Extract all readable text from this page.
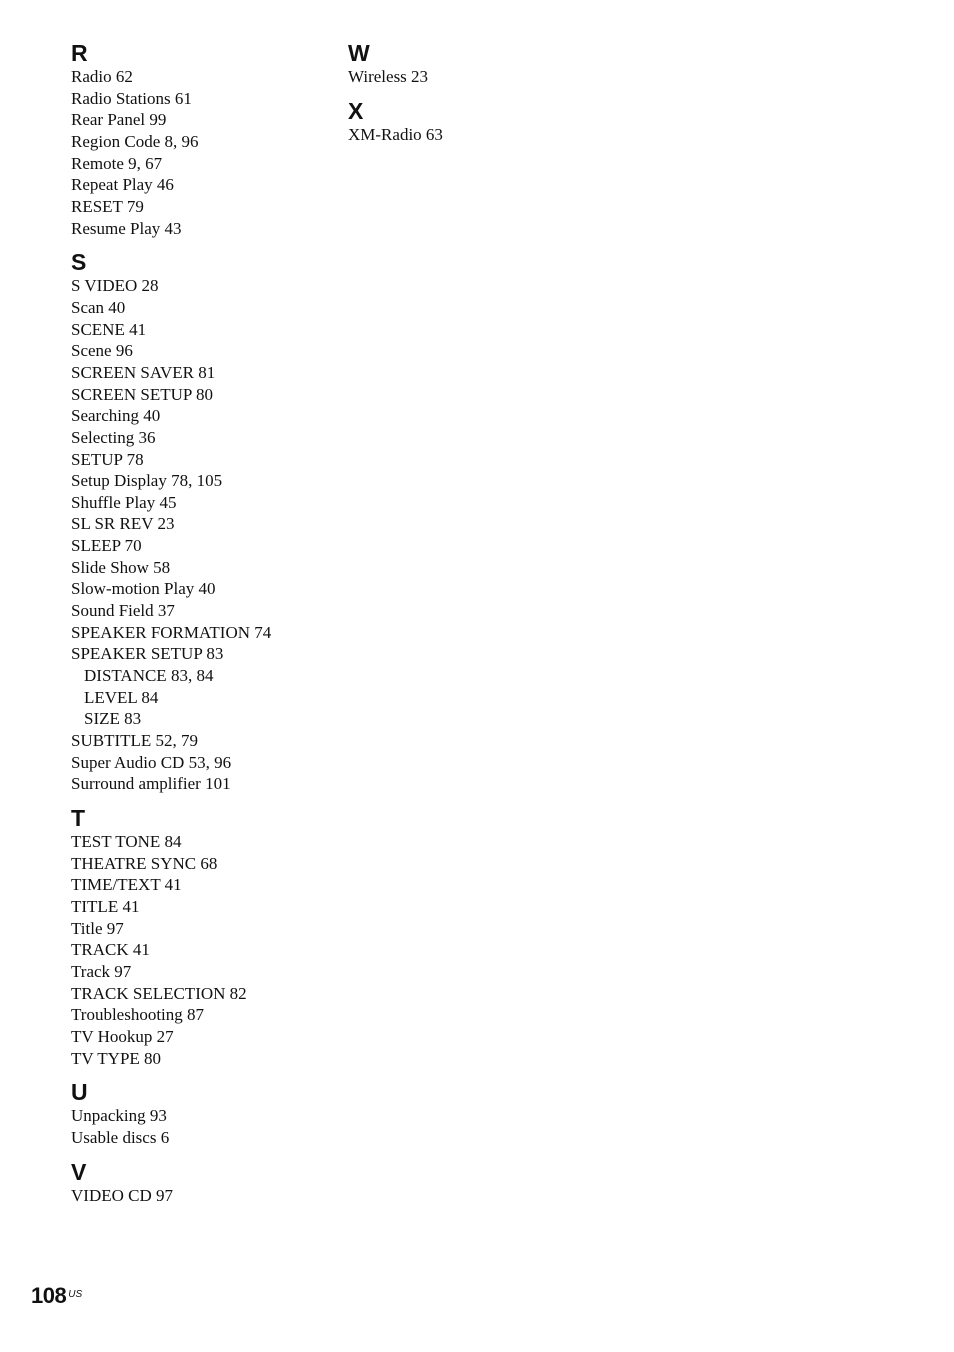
R
Radio 62
Radio Stations 61
Rear Panel 99
Region Code 8, 96
Remote 9, 67
Repeat Play 46
RESET 79
Resume Play 43
S
S VIDEO 28
Scan 40
SCENE 41
Scene 96
SCREEN SAVER 81
SCREEN SETUP 80
Searching 40
Selecting 36
SETUP 78
Setup Display 78, 105
Shuffle Play 45
SL SR REV 23
SLEEP 70
Slide Show 58
Slow-motion Play 40
Sound Field 37
SPEAKER FORMATION 74
SPEAKER SETUP 83
DISTANCE 83, 84
LEVEL 84
SIZE 83
SUBTITLE 52, 79
Super Audio CD 53, 96
Surround amplifier 101
T
TEST TONE 84
THEATRE SYNC 68
TIME/TEXT 41
TITLE 41
Title 97
TRACK 41
Track 97
TRACK SELECTION 82
Troubleshooting 87
TV Hookup 27
TV TYPE 80
U
Unpacking 93
Usable discs 6
V
VIDEO CD 97
W
Wireless 23
X
XM-Radio 63
108 $^{US}$
